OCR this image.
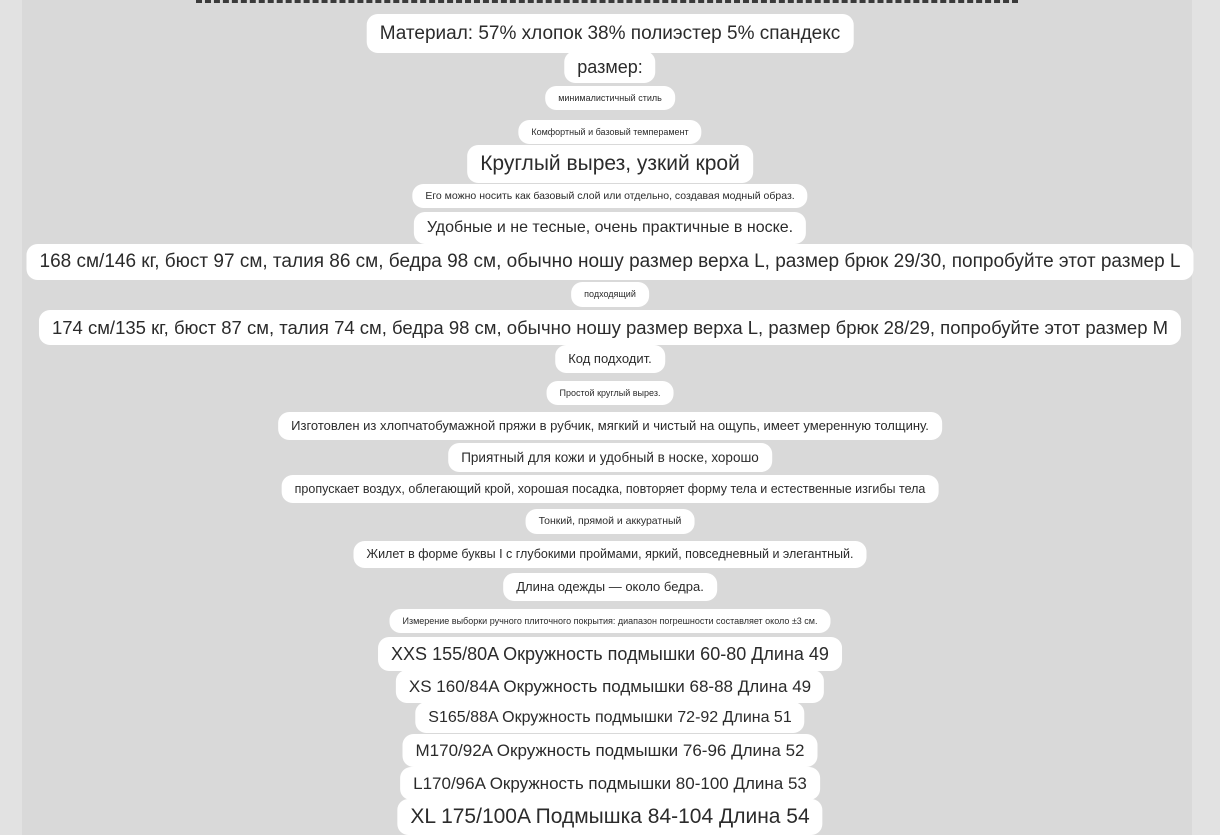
Материал: 57% хлопок 38% полиэстер 5% спандекс
размер:
минималистичный стиль
Комфортный и базовый темперамент
Круглый вырез, узкий крой
Его можно носить как базовый слой или отдельно, создавая модный образ.
Удобные и не тесные, очень практичные в носке.
168 см/146 кг, бюст 97 см, талия 86 см, бедра 98 см, обычно ношу размер верха L, размер брюк 29/30, попробуйте этот размер L
подходящий
174 см/135 кг, бюст 87 см, талия 74 см, бедра 98 см, обычно ношу размер верха L, размер брюк 28/29, попробуйте этот размер M
Код подходит.
Простой круглый вырез.
Изготовлен из хлопчатобумажной пряжи в рубчик, мягкий и чистый на ощупь, имеет умеренную толщину.
Приятный для кожи и удобный в носке, хорошо
пропускает воздух, облегающий крой, хорошая посадка, повторяет форму тела и естественные изгибы тела
Тонкий, прямой и аккуратный
Жилет в форме буквы I с глубокими проймами, яркий, повседневный и элегантный.
Длина одежды — около бедра.
Измерение выборки ручного плиточного покрытия: диапазон погрешности составляет около ±3 см.
XXS 155/80A Окружность подмышки 60-80 Длина 49
XS 160/84A Окружность подмышки 68-88 Длина 49
S165/88A Окружность подмышки 72-92 Длина 51
M170/92A Окружность подмышки 76-96 Длина 52
L170/96A Окружность подмышки 80-100 Длина 53
XL 175/100A Подмышка 84-104 Длина 54
